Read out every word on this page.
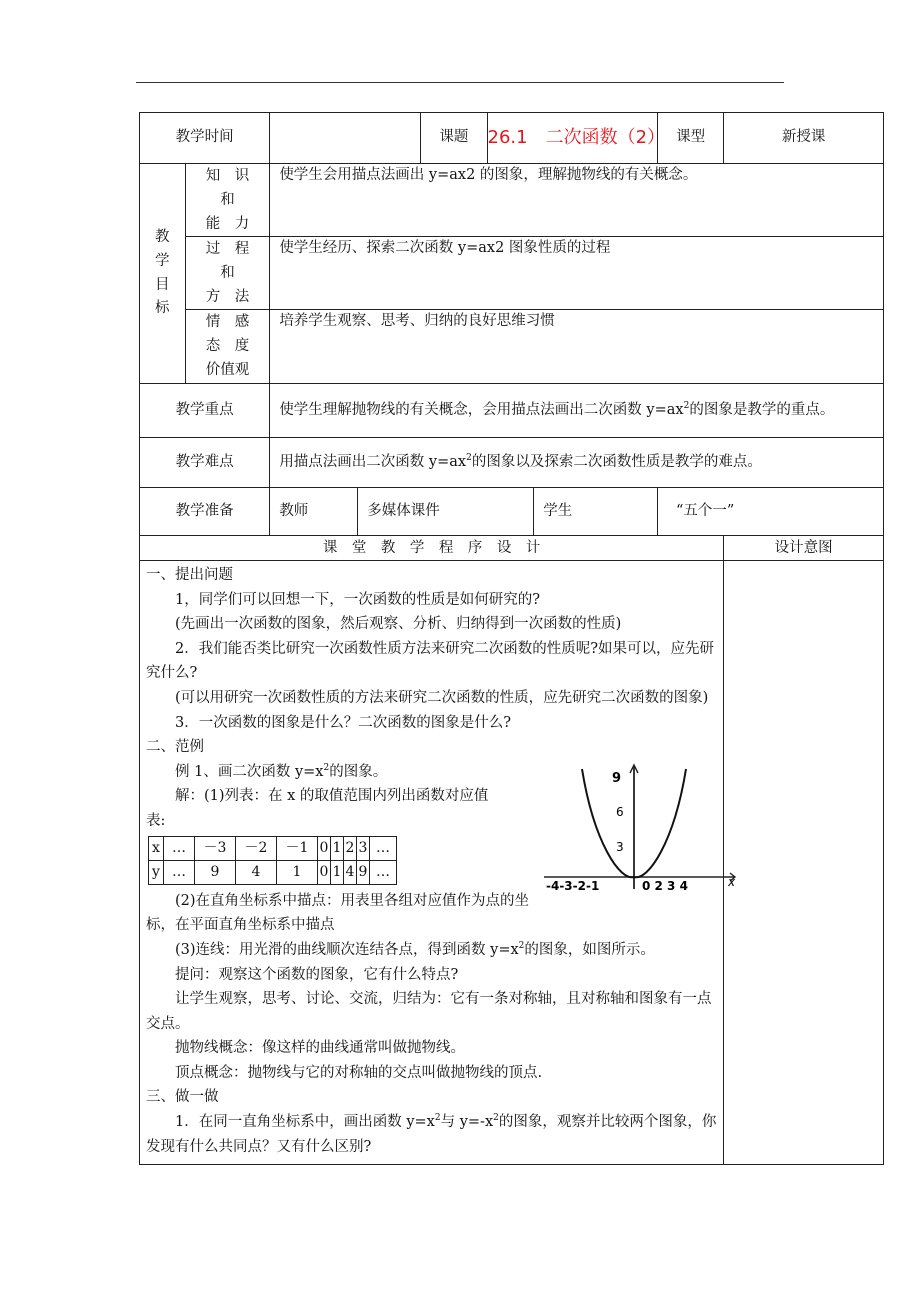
教学时间		课题	26.1　二次函数（2）	课型	新授课

教
学
目
标

知　识
和
能　力
	使学生会用描点法画出 y=ax2 的图象，理解抛物线的有关概念。

过　程
和
方　法
	使学生经历、探索二次函数 y=ax2 图象性质的过程

情　感
态　度
价值观
	培养学生观察、思考、归纳的良好思维习惯
教学重点	使学生理解抛物线的有关概念，会用描点法画出二次函数 $y=ax^2$的图象是教学的重点。
教学难点	用描点法画出二次函数 $y=ax^2$的图象以及探索二次函数性质是教学的难点。
教学准备	教师	多媒体课件	学生	“五个一”
课　堂　教　学　程　序　设　计	设计意图

一、提出问题
1，同学们可以回想一下，一次函数的性质是如何研究的?
(先画出一次函数的图象，然后观察、分析、归纳得到一次函数的性质)
2．我们能否类比研究一次函数性质方法来研究二次函数的性质呢?如果可以，应先研究什么?
(可以用研究一次函数性质的方法来研究二次函数的性质，应先研究二次函数的图象)
3．一次函数的图象是什么？二次函数的图象是什么?
二、范例
例 1、画二次函数 $y=x^2$的图象。
解：(1)列表：在 x 的取值范围内列出函数对应值
表:
x	…	－3	－2	－1	0	1	2	3	…
y	…	9	4	1	0	1	4	9	…
(2)在直角坐标系中描点：用表里各组对应值作为点的坐标，在平面直角坐标系中描点
(3)连线：用光滑的曲线顺次连结各点，得到函数 $y=x^2$的图象，如图所示。
提问：观察这个函数的图象，它有什么特点?
让学生观察，思考、讨论、交流，归结为：它有一条对称轴，且对称轴和图象有一点交点。
抛物线概念：像这样的曲线通常叫做抛物线。
顶点概念：抛物线与它的对称轴的交点叫做抛物线的顶点.
三、做一做
1．在同一直角坐标系中，画出函数 $y=x^2$与 $y=-x^2$的图象，观察并比较两个图象，你发现有什么共同点？又有什么区别?
x
9
6
3
-4-3-2-1	0 2 3 4
